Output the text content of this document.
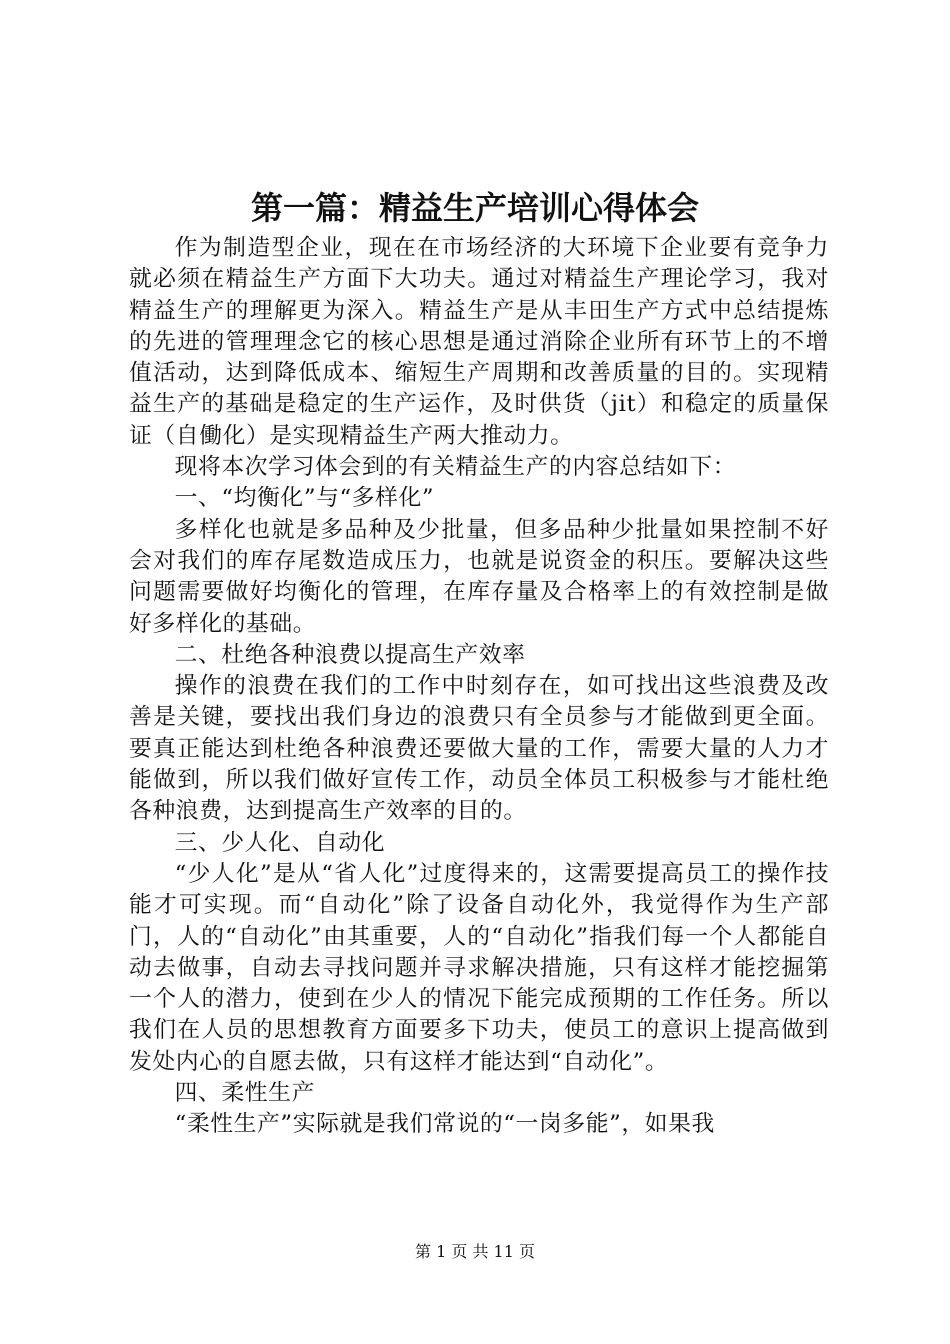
第一篇：精益生产培训心得体会

作为制造型企业，现在在市场经济的大环境下企业要有竞争力就必须在精益生产方面下大功夫。通过对精益生产理论学习，我对精益生产的理解更为深入。精益生产是从丰田生产方式中总结提炼的先进的管理理念它的核心思想是通过消除企业所有环节上的不增值活动，达到降低成本、缩短生产周期和改善质量的目的。实现精益生产的基础是稳定的生产运作，及时供货（jit）和稳定的质量保证（自働化）是实现精益生产两大推动力。

现将本次学习体会到的有关精益生产的内容总结如下：

一、“均衡化”与“多样化”

多样化也就是多品种及少批量，但多品种少批量如果控制不好会对我们的库存尾数造成压力，也就是说资金的积压。要解决这些问题需要做好均衡化的管理，在库存量及合格率上的有效控制是做好多样化的基础。

二、杜绝各种浪费以提高生产效率

操作的浪费在我们的工作中时刻存在，如可找出这些浪费及改善是关键，要找出我们身边的浪费只有全员参与才能做到更全面。要真正能达到杜绝各种浪费还要做大量的工作，需要大量的人力才能做到，所以我们做好宣传工作，动员全体员工积极参与才能杜绝各种浪费，达到提高生产效率的目的。

三、少人化、自动化

“少人化”是从“省人化”过度得来的，这需要提高员工的操作技能才可实现。而“自动化”除了设备自动化外，我觉得作为生产部门，人的“自动化”由其重要，人的“自动化”指我们每一个人都能自动去做事，自动去寻找问题并寻求解决措施，只有这样才能挖掘第一个人的潜力，使到在少人的情况下能完成预期的工作任务。所以我们在人员的思想教育方面要多下功夫，使员工的意识上提高做到发处内心的自愿去做，只有这样才能达到“自动化”。

四、柔性生产

“柔性生产”实际就是我们常说的“一岗多能”，如果我

第 1 页 共 11 页
